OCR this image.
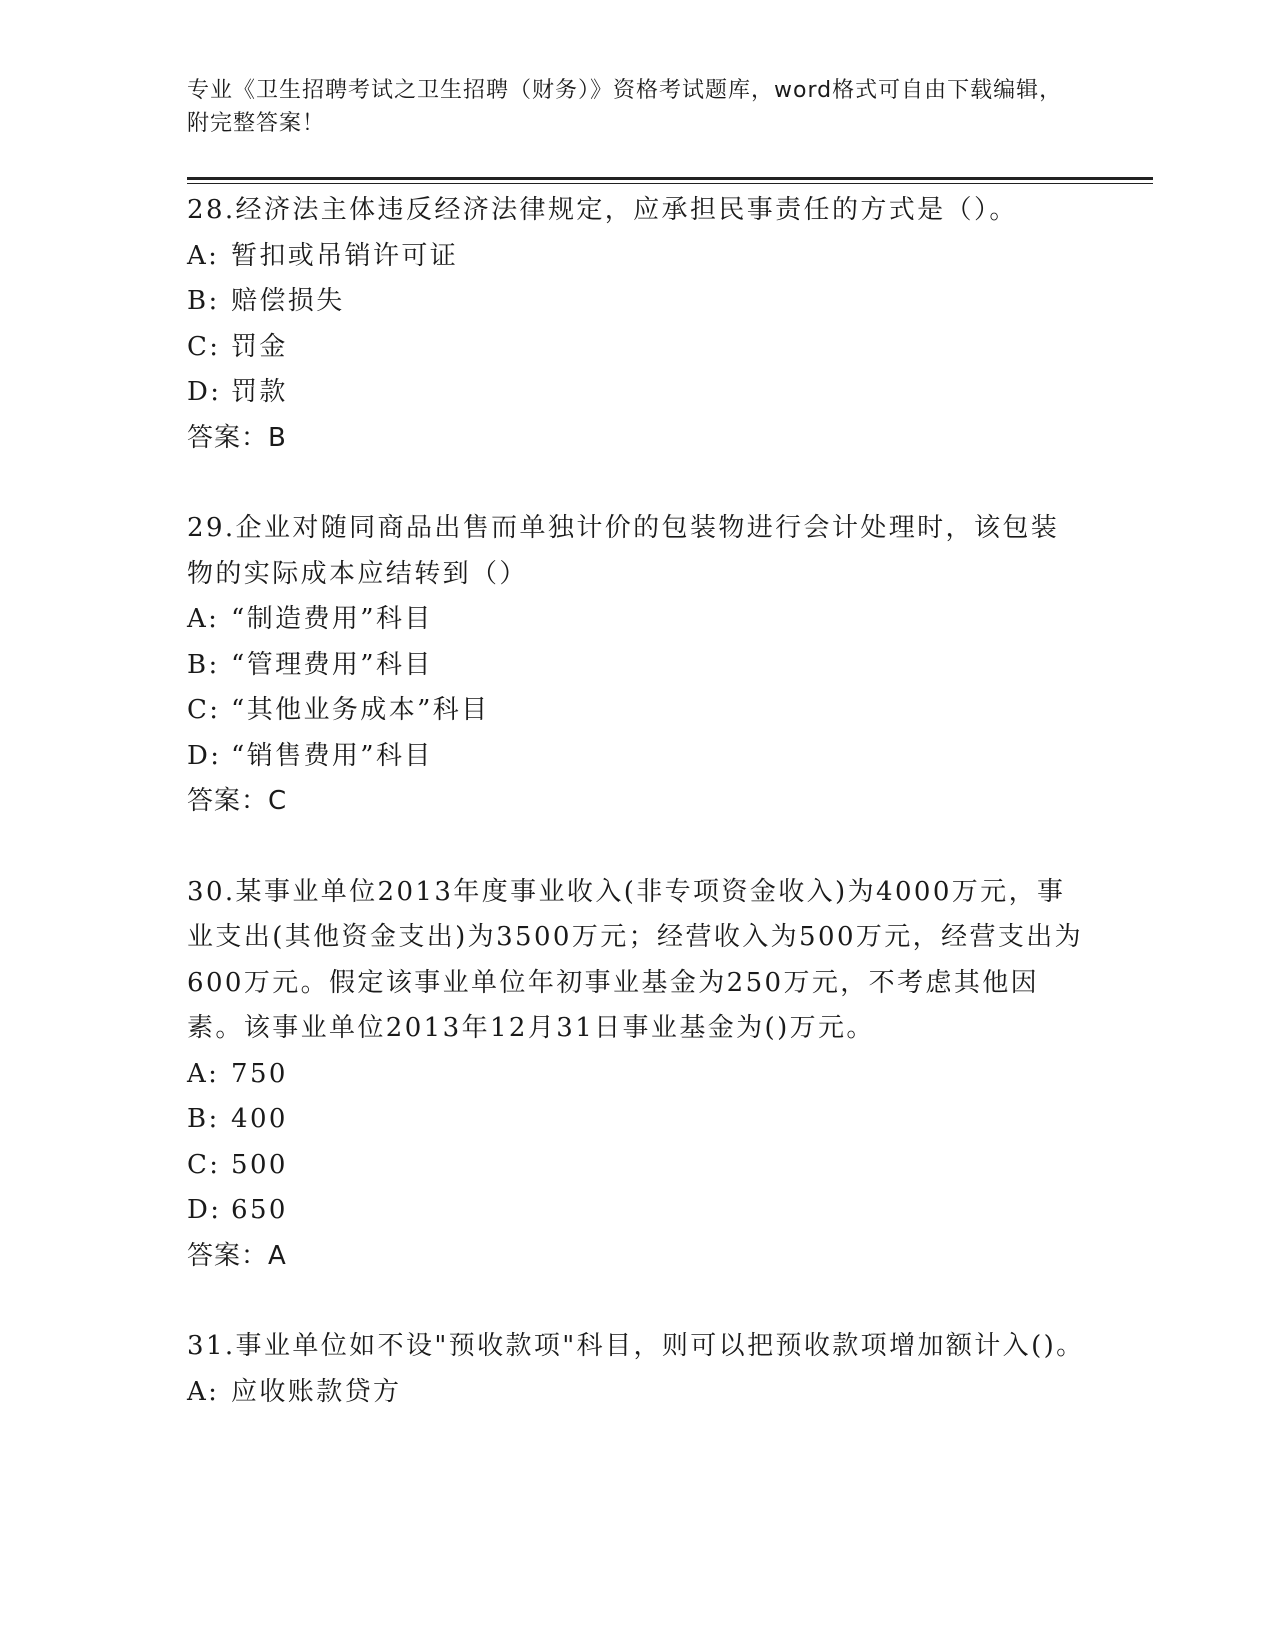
专业《卫生招聘考试之卫生招聘（财务）》资格考试题库，word格式可自由下载编辑，附完整答案！

28.经济法主体违反经济法律规定，应承担民事责任的方式是（）。

A: 暂扣或吊销许可证

B: 赔偿损失

C: 罚金

D: 罚款

答案：B

29.企业对随同商品出售而单独计价的包装物进行会计处理时，该包装物的实际成本应结转到（）

A: “制造费用”科目

B: “管理费用”科目

C: “其他业务成本”科目

D: “销售费用”科目

答案：C

30.某事业单位2013年度事业收入(非专项资金收入)为4000万元，事业支出(其他资金支出)为3500万元；经营收入为500万元，经营支出为600万元。假定该事业单位年初事业基金为250万元，不考虑其他因素。该事业单位2013年12月31日事业基金为()万元。

A: 750

B: 400

C: 500

D: 650

答案：A

31.事业单位如不设"预收款项"科目，则可以把预收款项增加额计入()。

A: 应收账款贷方
